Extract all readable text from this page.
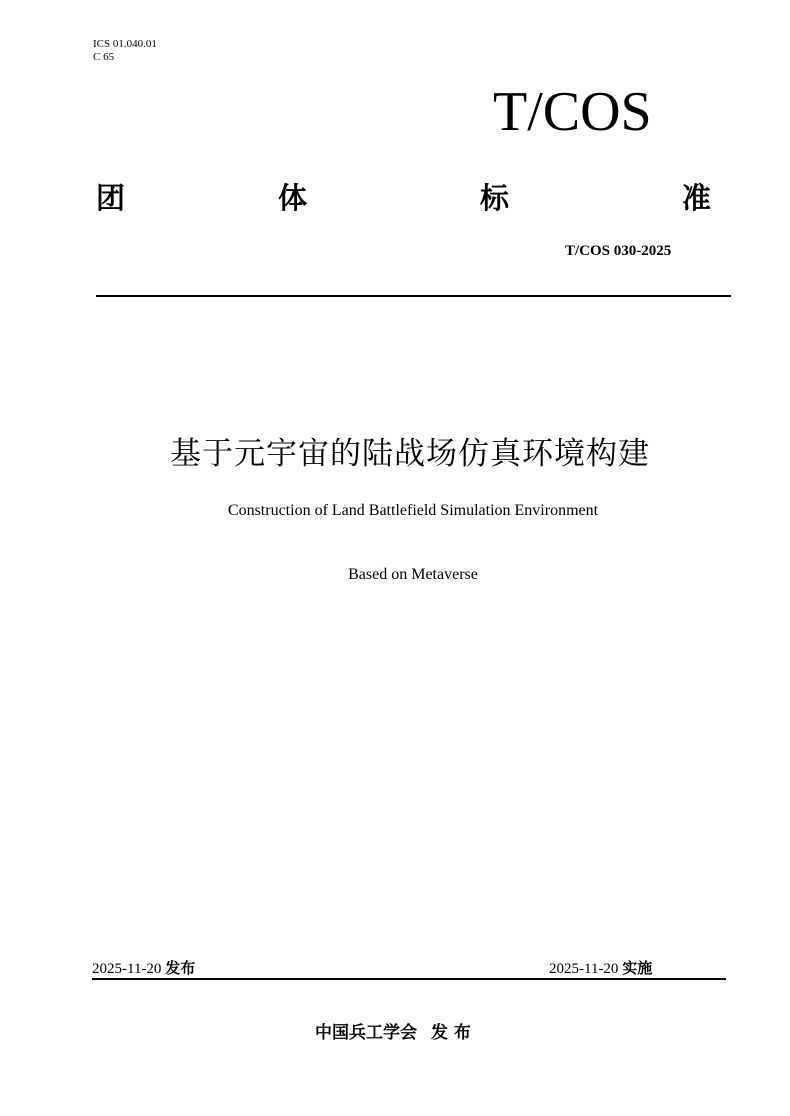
ICS 01.040.01
C 65
T/COS
团	体	标	准
T/COS 030-2025
基于元宇宙的陆战场仿真环境构建
Construction of Land Battlefield Simulation Environment
Based on Metaverse
2025-11-20 发布	2025-11-20 实施
中国兵工学会 发 布
